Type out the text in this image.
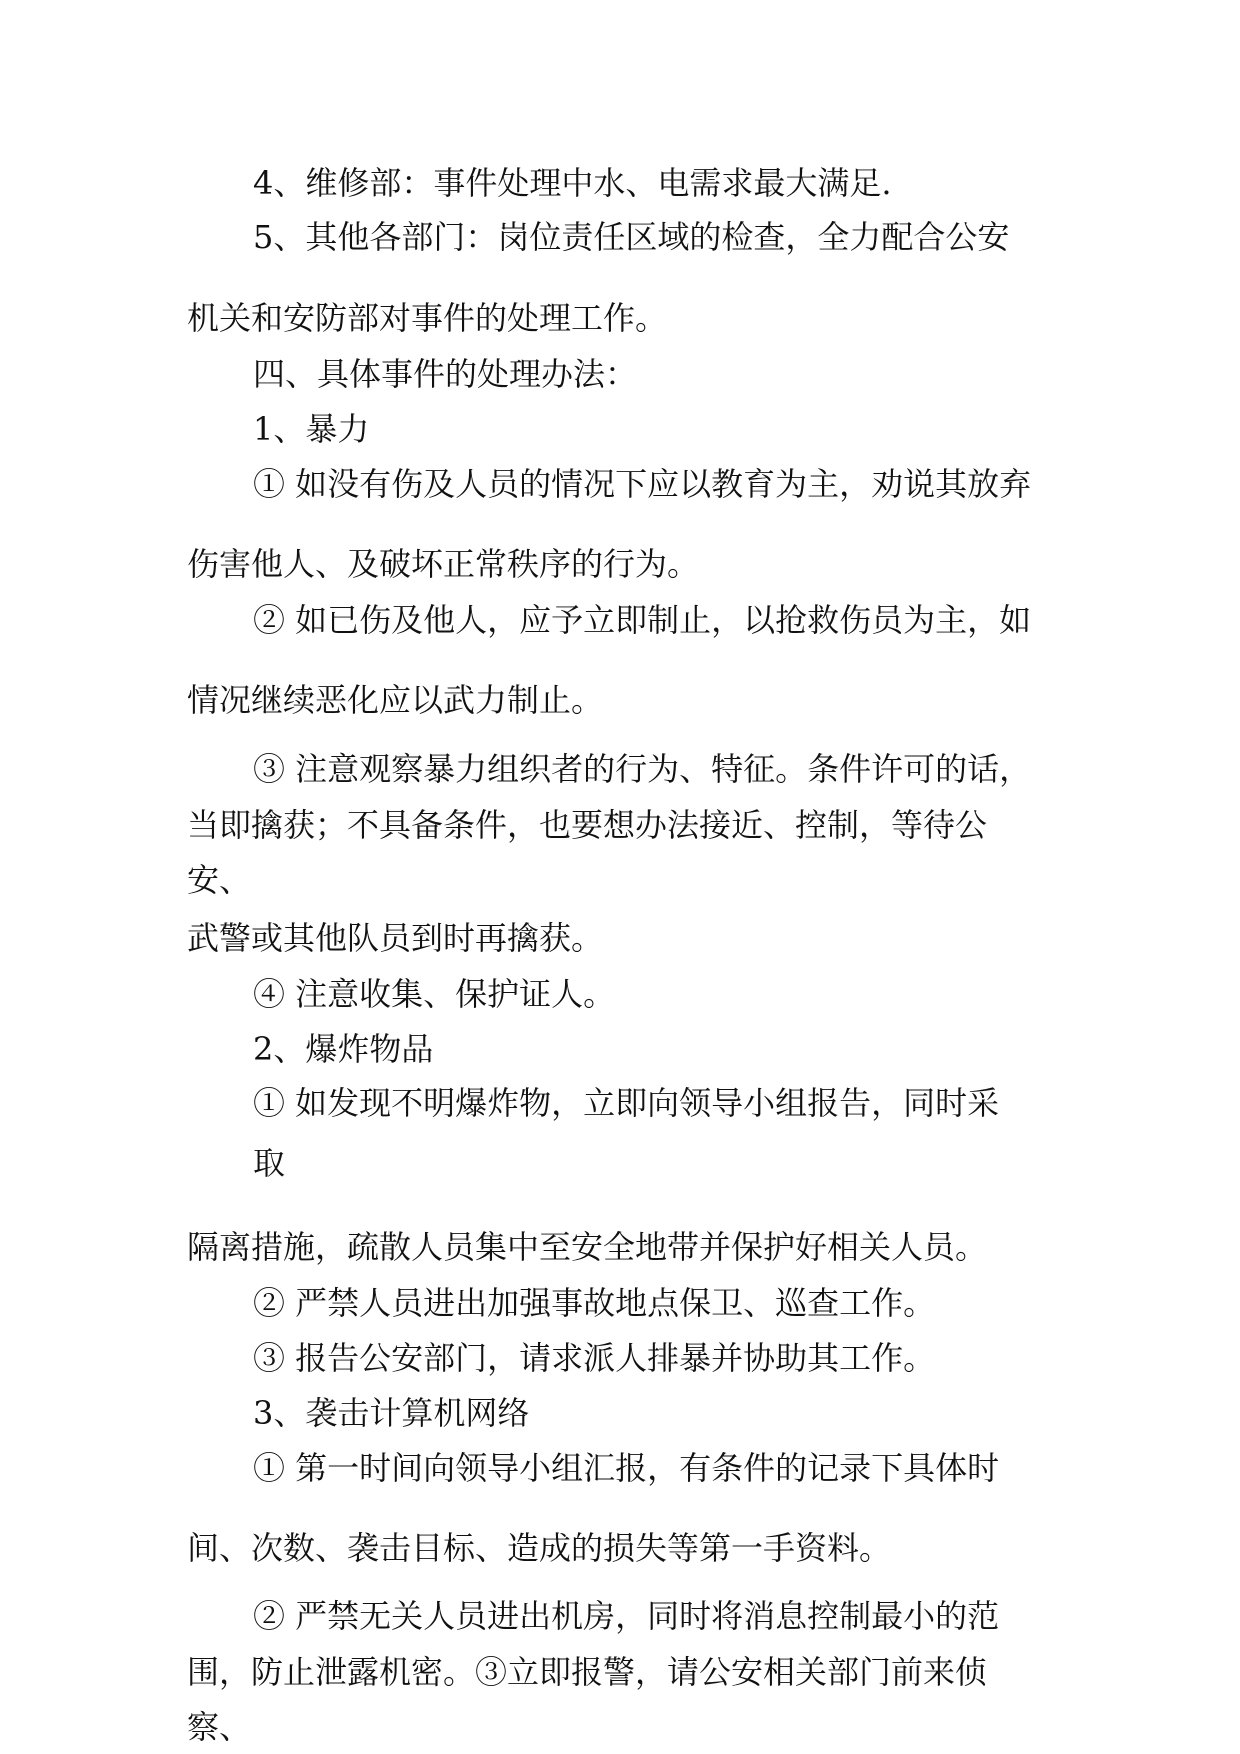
4、维修部：事件处理中水、电需求最大满足.
5、其他各部门：岗位责任区域的检查，全力配合公安
机关和安防部对事件的处理工作。
四、具体事件的处理办法：
1、暴力
① 如没有伤及人员的情况下应以教育为主，劝说其放弃
伤害他人、及破坏正常秩序的行为。
② 如已伤及他人，应予立即制止，以抢救伤员为主，如
情况继续恶化应以武力制止。
③ 注意观察暴力组织者的行为、特征。条件许可的话，
当即擒获；不具备条件，也要想办法接近、控制，等待公
安、
武警或其他队员到时再擒获。
④ 注意收集、保护证人。
2、爆炸物品
① 如发现不明爆炸物，立即向领导小组报告，同时采
取
隔离措施，疏散人员集中至安全地带并保护好相关人员。
② 严禁人员进出加强事故地点保卫、巡查工作。
③ 报告公安部门，请求派人排暴并协助其工作。
3、袭击计算机网络
① 第一时间向领导小组汇报，有条件的记录下具体时
间、次数、袭击目标、造成的损失等第一手资料。
② 严禁无关人员进出机房，同时将消息控制最小的范
围，防止泄露机密。③立即报警，请公安相关部门前来侦
察、
